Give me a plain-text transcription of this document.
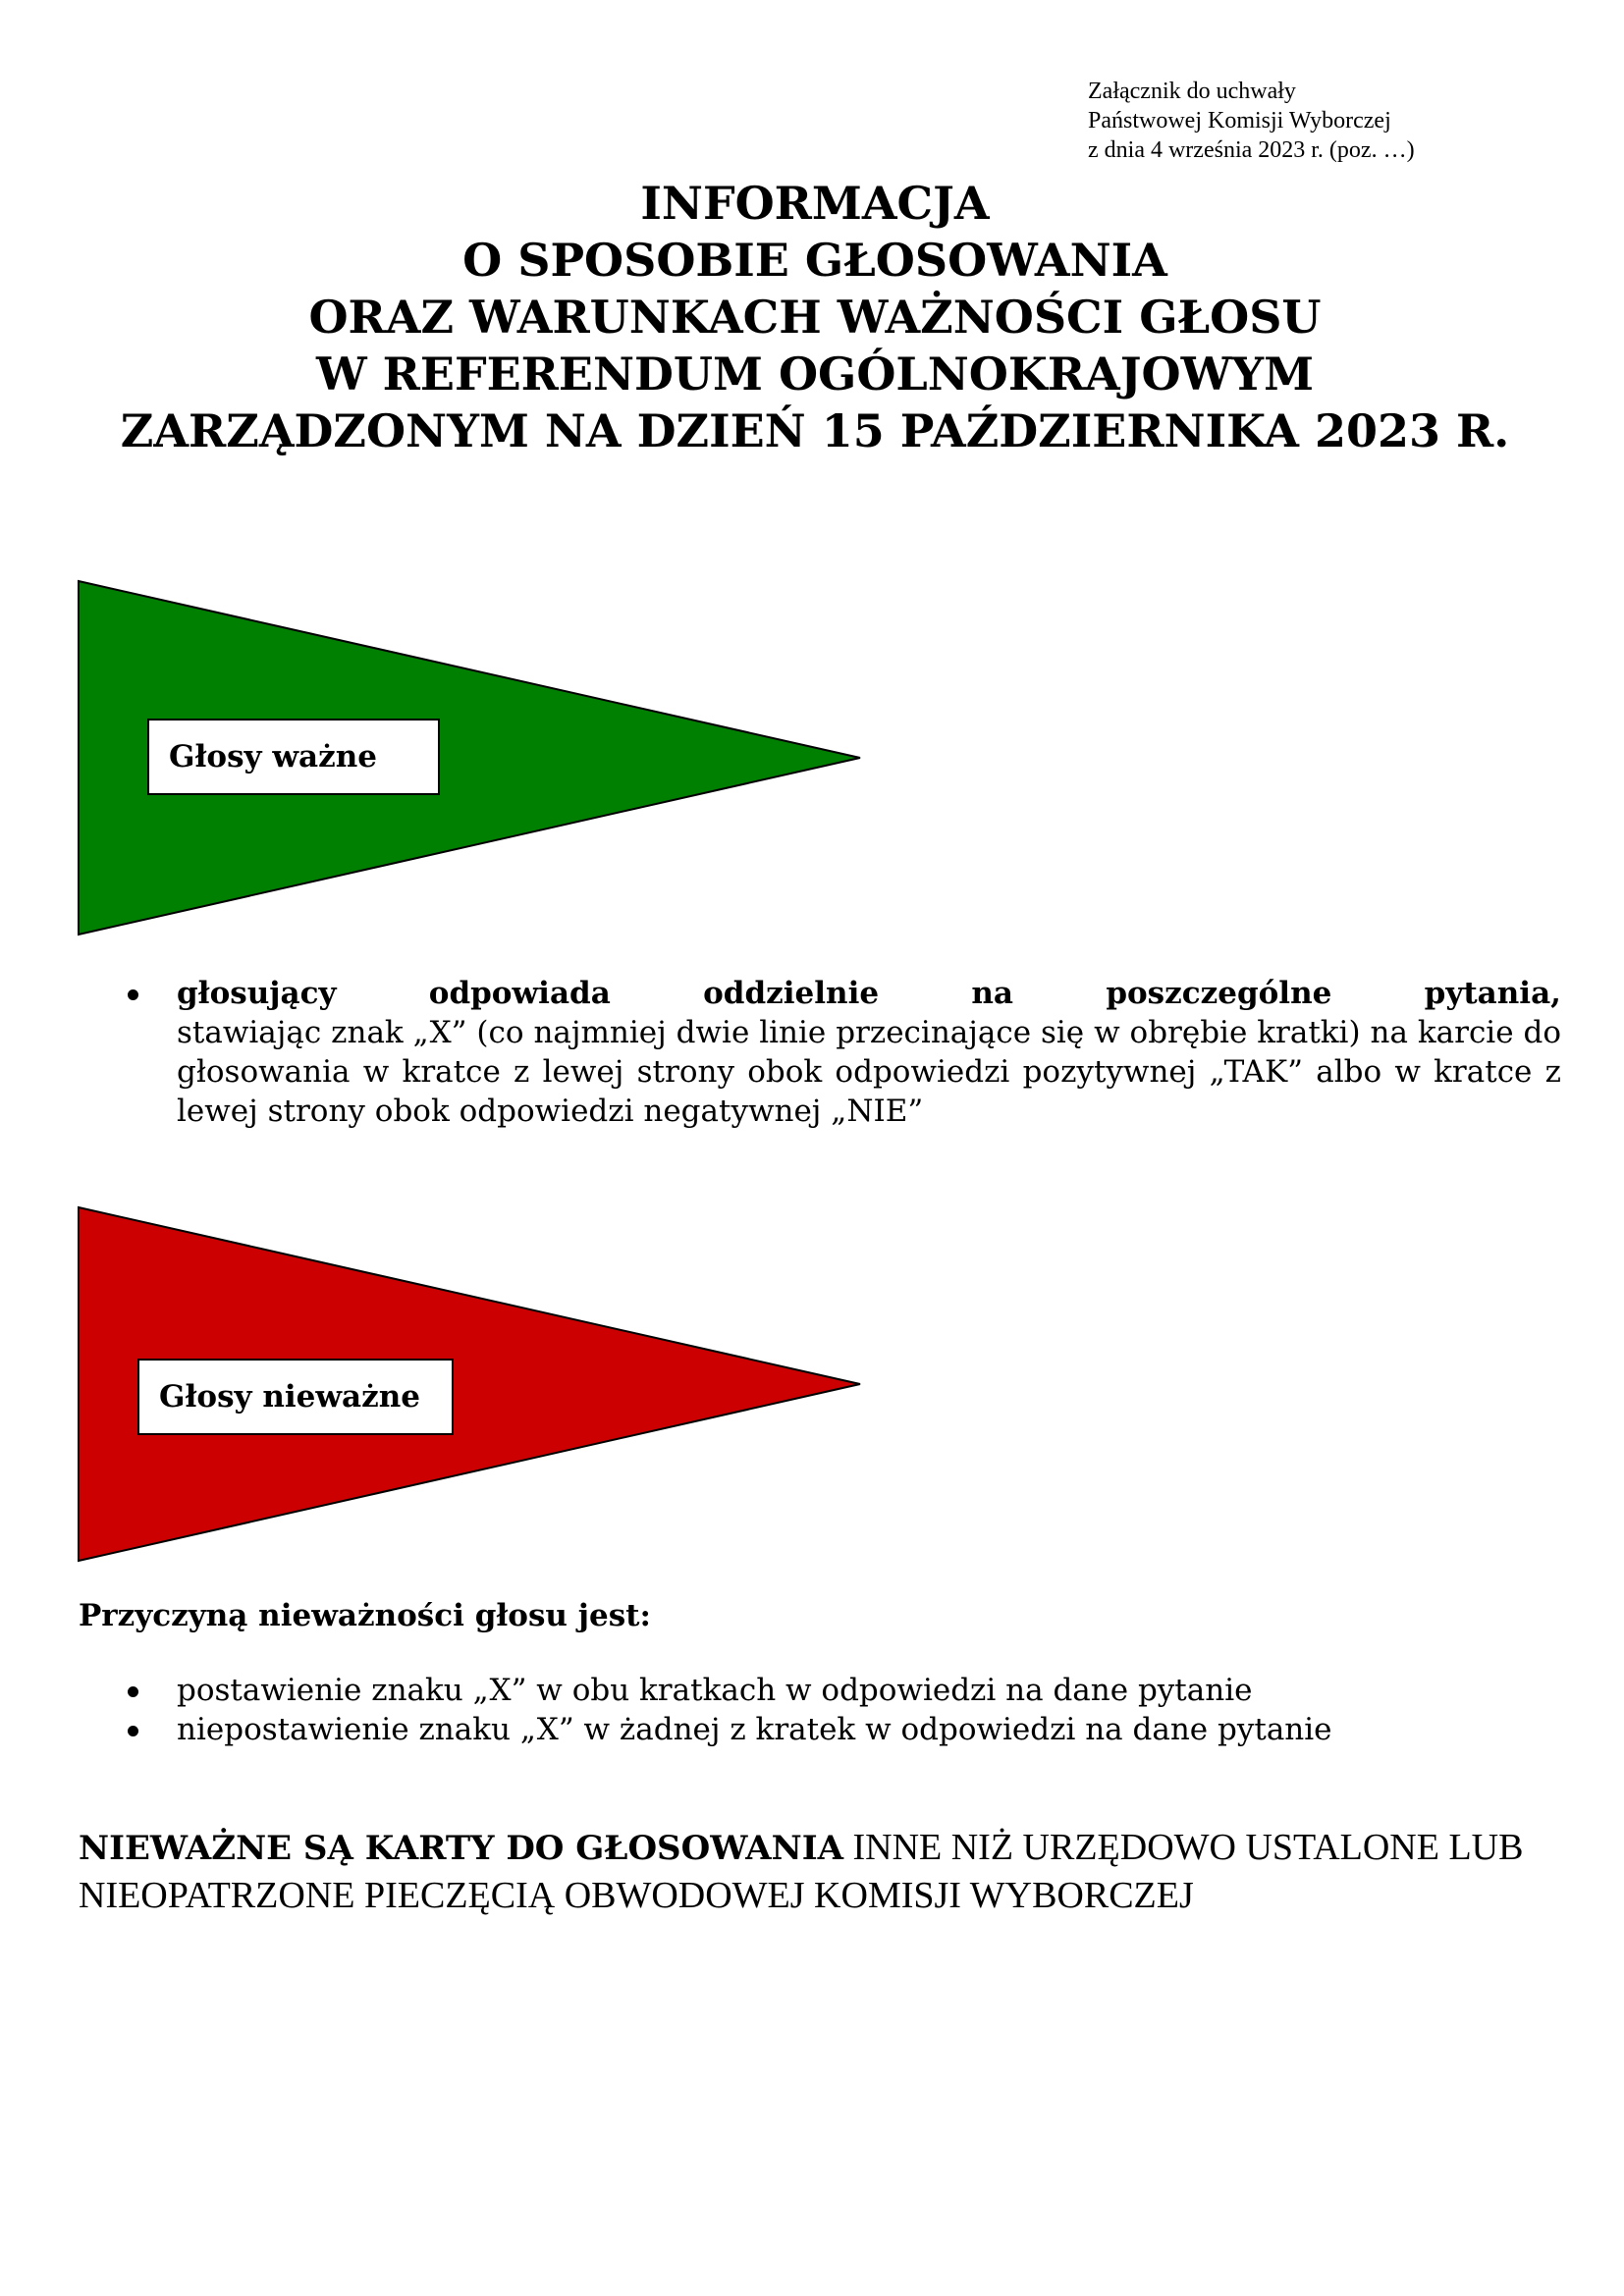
Załącznik do uchwały
Państwowej Komisji Wyborczej
z dnia 4 września 2023 r. (poz. …)
INFORMACJA
O SPOSOBIE GŁOSOWANIA
ORAZ WARUNKACH WAŻNOŚCI GŁOSU
W REFERENDUM OGÓLNOKRAJOWYM
ZARZĄDZONYM NA DZIEŃ 15 PAŹDZIERNIKA 2023 R.
Głosy ważne
głosujący	odpowiada	oddzielnie	na	poszczególne	pytania,
stawiając znak „X” (co najmniej dwie linie przecinające się w obrębie kratki) na karcie do głosowania w kratce z lewej strony obok odpowiedzi pozytywnej „TAK” albo w kratce z lewej strony obok odpowiedzi negatywnej „NIE”
Głosy nieważne
Przyczyną nieważności głosu jest:
postawienie znaku „X” w obu kratkach w odpowiedzi na dane pytanie
niepostawienie znaku „X” w żadnej z kratek w odpowiedzi na dane pytanie
NIEWAŻNE SĄ KARTY DO GŁOSOWANIA INNE NIŻ URZĘDOWO USTALONE LUB NIEOPATRZONE PIECZĘCIĄ OBWODOWEJ KOMISJI WYBORCZEJ
